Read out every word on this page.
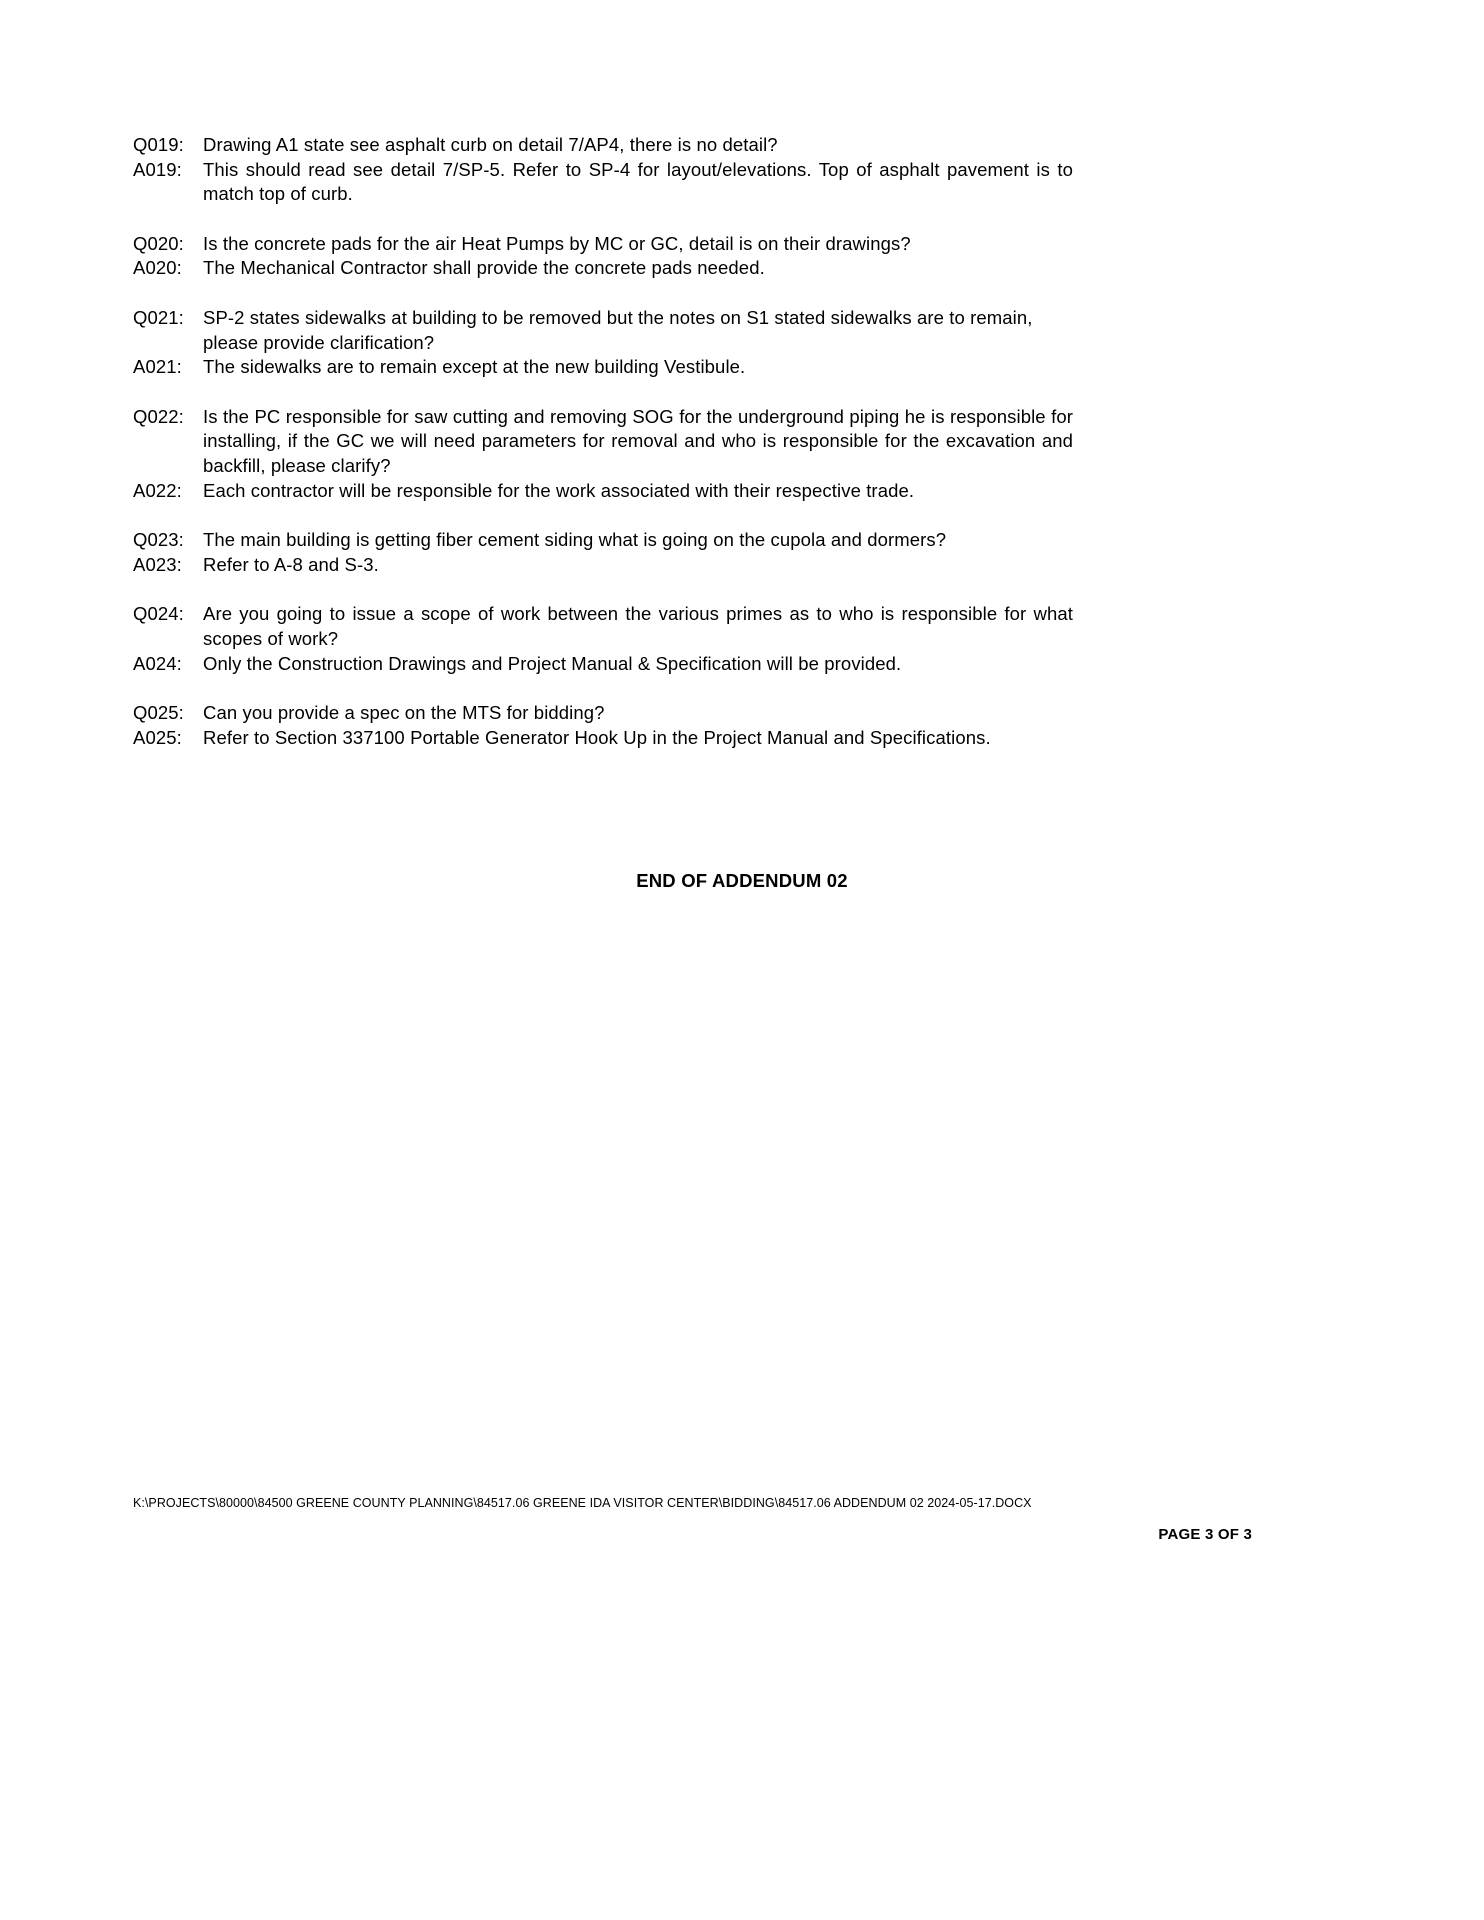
Q019:	Drawing A1 state see asphalt curb on detail 7/AP4, there is no detail?
A019:	This should read see detail 7/SP-5. Refer to SP-4 for layout/elevations. Top of asphalt pavement is to match top of curb.
Q020:	Is the concrete pads for the air Heat Pumps by MC or GC, detail is on their drawings?
A020:	The Mechanical Contractor shall provide the concrete pads needed.
Q021:	SP-2 states sidewalks at building to be removed but the notes on S1 stated sidewalks are to remain, please provide clarification?
A021:	The sidewalks are to remain except at the new building Vestibule.
Q022:	Is the PC responsible for saw cutting and removing SOG for the underground piping he is responsible for installing, if the GC we will need parameters for removal and who is responsible for the excavation and backfill, please clarify?
A022:	Each contractor will be responsible for the work associated with their respective trade.
Q023:	The main building is getting fiber cement siding what is going on the cupola and dormers?
A023:	Refer to A-8 and S-3.
Q024:	Are you going to issue a scope of work between the various primes as to who is responsible for what scopes of work?
A024:	Only the Construction Drawings and Project Manual & Specification will be provided.
Q025:	Can you provide a spec on the MTS for bidding?
A025:	Refer to Section 337100 Portable Generator Hook Up in the Project Manual and Specifications.
END OF ADDENDUM 02
K:\PROJECTS\80000\84500 GREENE COUNTY PLANNING\84517.06 GREENE IDA VISITOR CENTER\BIDDING\84517.06 ADDENDUM 02 2024-05-17.DOCX
PAGE 3 OF 3
